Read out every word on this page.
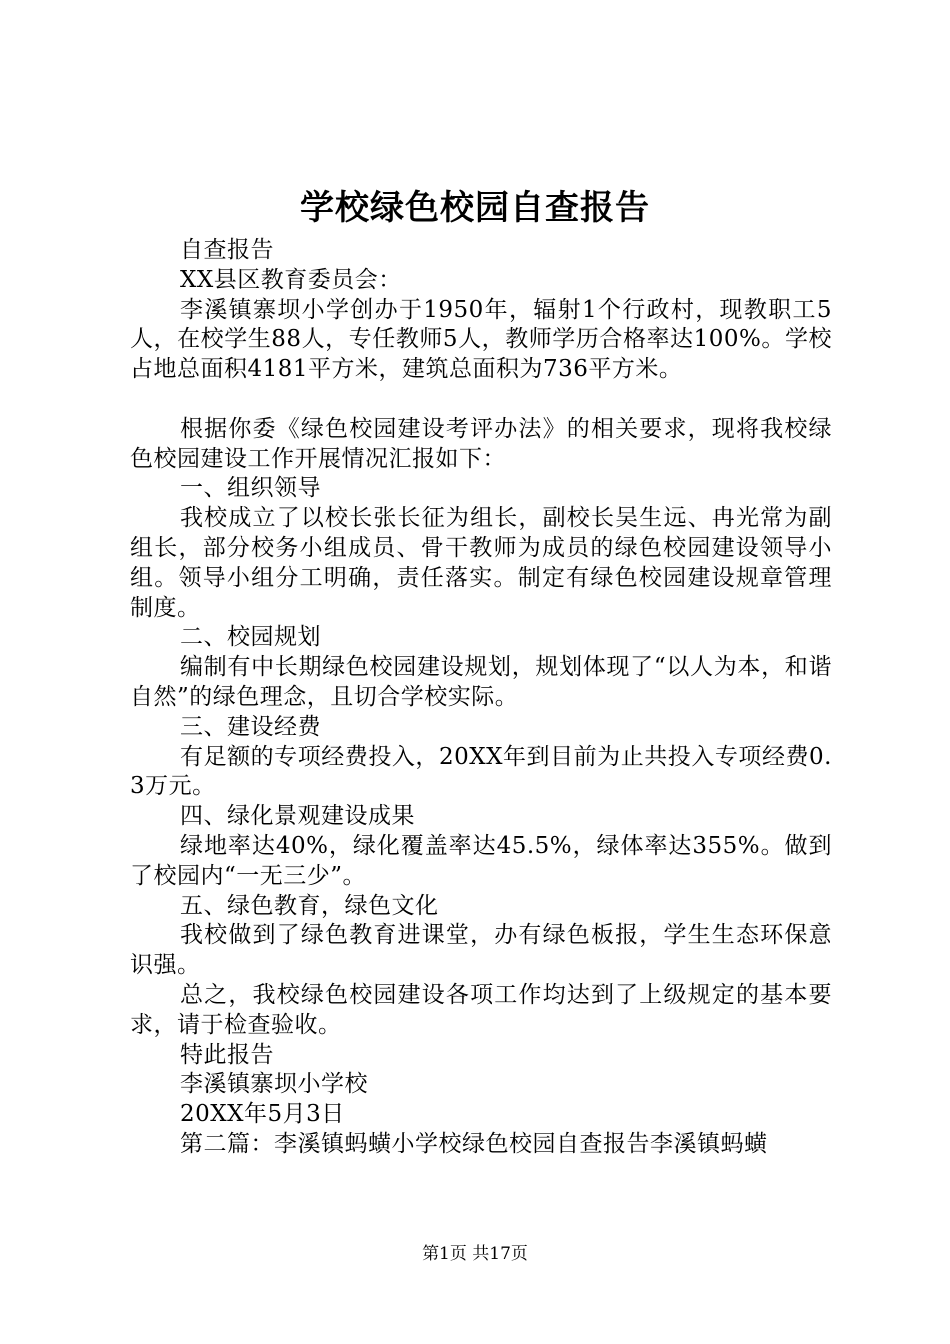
学校绿色校园自查报告

自查报告

XX县区教育委员会：

李溪镇寨坝小学创办于1950年，辐射1个行政村，现教职工5人，在校学生88人，专任教师5人，教师学历合格率达100%。学校占地总面积4181平方米，建筑总面积为736平方米。

根据你委《绿色校园建设考评办法》的相关要求，现将我校绿色校园建设工作开展情况汇报如下：

一、组织领导

我校成立了以校长张长征为组长，副校长吴生远、冉光常为副组长，部分校务小组成员、骨干教师为成员的绿色校园建设领导小组。领导小组分工明确，责任落实。制定有绿色校园建设规章管理制度。

二、校园规划

编制有中长期绿色校园建设规划，规划体现了“以人为本，和谐自然”的绿色理念，且切合学校实际。

三、建设经费

有足额的专项经费投入，20XX年到目前为止共投入专项经费0.3万元。

四、绿化景观建设成果

绿地率达40%，绿化覆盖率达45.5%，绿体率达355%。做到了校园内“一无三少”。

五、绿色教育，绿色文化

我校做到了绿色教育进课堂，办有绿色板报，学生生态环保意识强。

总之，我校绿色校园建设各项工作均达到了上级规定的基本要求，请于检查验收。

特此报告

李溪镇寨坝小学校

20XX年5月3日

第二篇：李溪镇蚂蟥小学校绿色校园自查报告李溪镇蚂蟥

第1页 共17页
